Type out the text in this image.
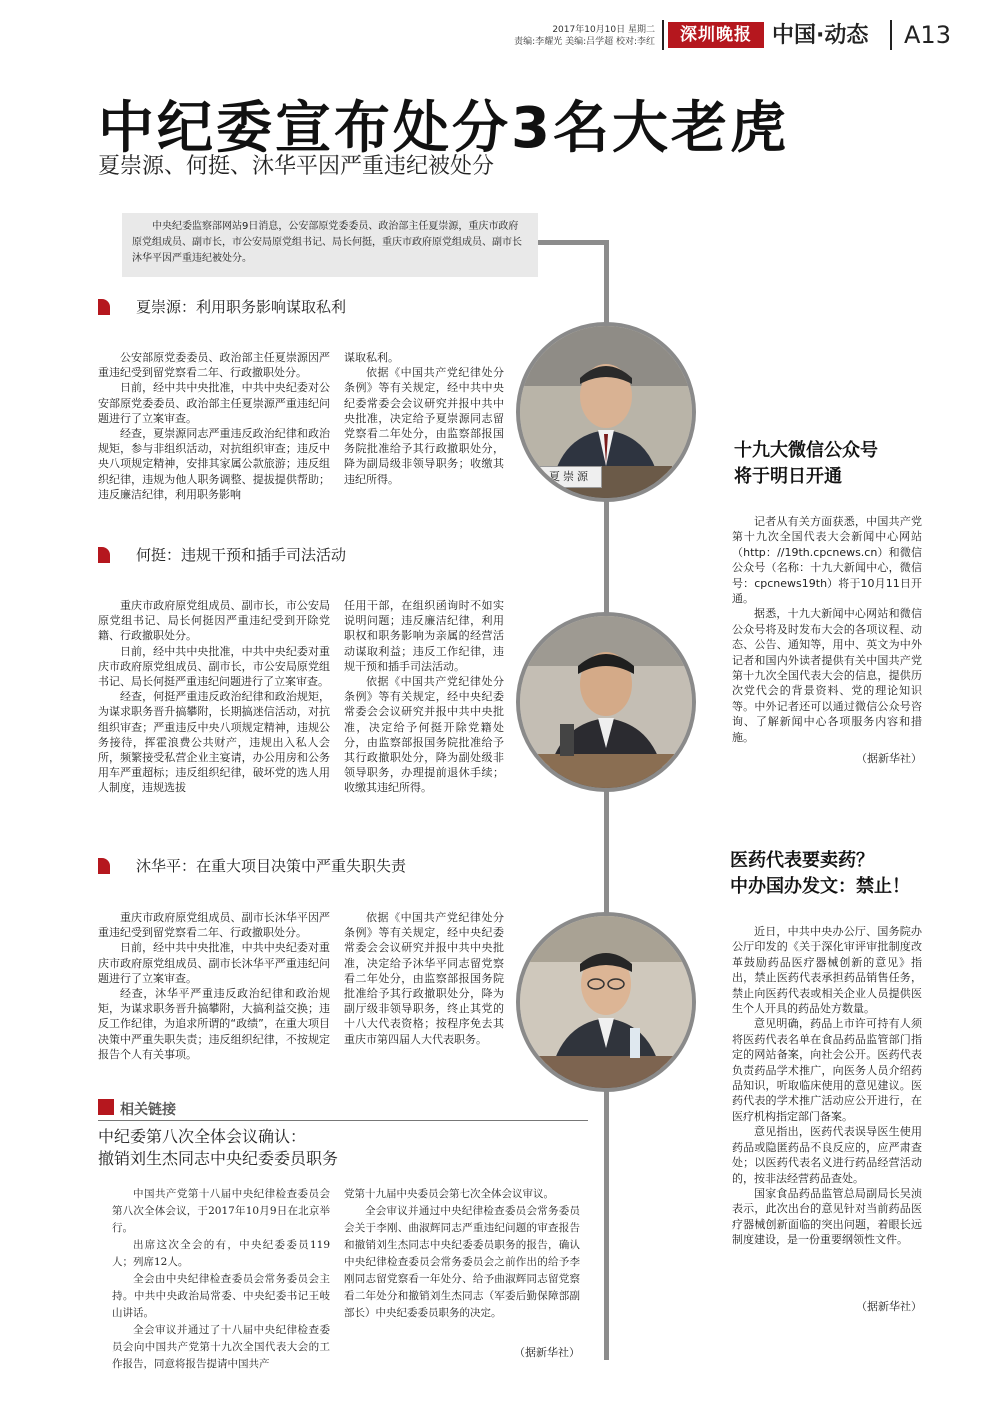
2017年10月10日 星期二
责编:李耀光 美编:吕学超 校对:李红	深圳晚报 中国·动态 A13
中纪委宣布处分3名大老虎
夏崇源、何挺、沐华平因严重违纪被处分
中央纪委监察部网站9日消息，公安部原党委委员、政治部主任夏崇源，重庆市政府原党组成员、副市长，市公安局原党组书记、局长何挺，重庆市政府原党组成员、副市长沐华平因严重违纪被处分。
夏崇源：利用职务影响谋取私利

公安部原党委委员、政治部主任夏崇源因严重违纪受到留党察看二年、行政撤职处分。

日前，经中共中央批准，中共中央纪委对公安部原党委委员、政治部主任夏崇源严重违纪问题进行了立案审查。

经查，夏崇源同志严重违反政治纪律和政治规矩，参与非组织活动，对抗组织审查；违反中央八项规定精神，安排其家属公款旅游；违反组织纪律，违规为他人职务调整、提拔提供帮助；违反廉洁纪律，利用职务影响

谋取私利。

依据《中国共产党纪律处分条例》等有关规定，经中共中央纪委常委会会议研究并报中共中央批准，决定给予夏崇源同志留党察看二年处分，由监察部报国务院批准给予其行政撤职处分，降为副局级非领导职务；收缴其违纪所得。	夏崇源
何挺：违规干预和插手司法活动

重庆市政府原党组成员、副市长，市公安局原党组书记、局长何挺因严重违纪受到开除党籍、行政撤职处分。

日前，经中共中央批准，中共中央纪委对重庆市政府原党组成员、副市长，市公安局原党组书记、局长何挺严重违纪问题进行了立案审查。

经查，何挺严重违反政治纪律和政治规矩，为谋求职务晋升搞攀附，长期搞迷信活动，对抗组织审查；严重违反中央八项规定精神，违规公务接待，挥霍浪费公共财产，违规出入私人会所，频繁接受私营企业主宴请，办公用房和公务用车严重超标；违反组织纪律，破坏党的选人用人制度，违规选拔

任用干部，在组织函询时不如实说明问题；违反廉洁纪律，利用职权和职务影响为亲属的经营活动谋取利益；违反工作纪律，违规干预和插手司法活动。

依据《中国共产党纪律处分条例》等有关规定，经中央纪委常委会会议研究并报中共中央批准，决定给予何挺开除党籍处分，由监察部报国务院批准给予其行政撤职处分，降为副处级非领导职务，办理提前退休手续；收缴其违纪所得。

沐华平：在重大项目决策中严重失职失责

重庆市政府原党组成员、副市长沐华平因严重违纪受到留党察看二年、行政撤职处分。

日前，经中共中央批准，中共中央纪委对重庆市政府原党组成员、副市长沐华平严重违纪问题进行了立案审查。

经查，沐华平严重违反政治纪律和政治规矩，为谋求职务晋升搞攀附，大搞利益交换；违反工作纪律，为追求所谓的“政绩”，在重大项目决策中严重失职失责；违反组织纪律，不按规定报告个人有关事项。

依据《中国共产党纪律处分条例》等有关规定，经中央纪委常委会会议研究并报中共中央批准，决定给予沐华平同志留党察看二年处分，由监察部报国务院批准给予其行政撤职处分，降为副厅级非领导职务，终止其党的十八大代表资格；按程序免去其重庆市第四届人大代表职务。

相关链接
中纪委第八次全体会议确认：
撤销刘生杰同志中央纪委委员职务

中国共产党第十八届中央纪律检查委员会第八次全体会议，于2017年10月9日在北京举行。

出席这次全会的有，中央纪委委员119人；列席12人。

全会由中央纪律检查委员会常务委员会主持。中共中央政治局常委、中央纪委书记王岐山讲话。

全会审议并通过了十八届中央纪律检查委员会向中国共产党第十九次全国代表大会的工作报告，同意将报告提请中国共产

党第十九届中央委员会第七次全体会议审议。

全会审议并通过中央纪律检查委员会常务委员会关于李刚、曲淑辉同志严重违纪问题的审查报告和撤销刘生杰同志中央纪委委员职务的报告，确认中央纪律检查委员会常务委员会之前作出的给予李刚同志留党察看一年处分、给予曲淑辉同志留党察看二年处分和撤销刘生杰同志（军委后勤保障部副部长）中央纪委委员职务的决定。

（据新华社）
十九大微信公众号
将于明日开通

记者从有关方面获悉，中国共产党第十九次全国代表大会新闻中心网站（http：//19th.cpcnews.cn）和微信公众号（名称：十九大新闻中心，微信号：cpcnews19th）将于10月11日开通。

据悉，十九大新闻中心网站和微信公众号将及时发布大会的各项议程、动态、公告、通知等，用中、英文为中外记者和国内外读者提供有关中国共产党第十九次全国代表大会的信息，提供历次党代会的背景资料、党的理论知识等。中外记者还可以通过微信公众号咨询、了解新闻中心各项服务内容和措施。

（据新华社）
医药代表要卖药？
中办国办发文：禁止！

近日，中共中央办公厅、国务院办公厅印发的《关于深化审评审批制度改革鼓励药品医疗器械创新的意见》指出，禁止医药代表承担药品销售任务，禁止向医药代表或相关企业人员提供医生个人开具的药品处方数量。

意见明确，药品上市许可持有人须将医药代表名单在食品药品监管部门指定的网站备案，向社会公开。医药代表负责药品学术推广，向医务人员介绍药品知识，听取临床使用的意见建议。医药代表的学术推广活动应公开进行，在医疗机构指定部门备案。

意见指出，医药代表误导医生使用药品或隐匿药品不良反应的，应严肃查处；以医药代表名义进行药品经营活动的，按非法经营药品查处。

国家食品药品监管总局副局长吴浈表示，此次出台的意见针对当前药品医疗器械创新面临的突出问题，着眼长远制度建设，是一份重要纲领性文件。

（据新华社）
